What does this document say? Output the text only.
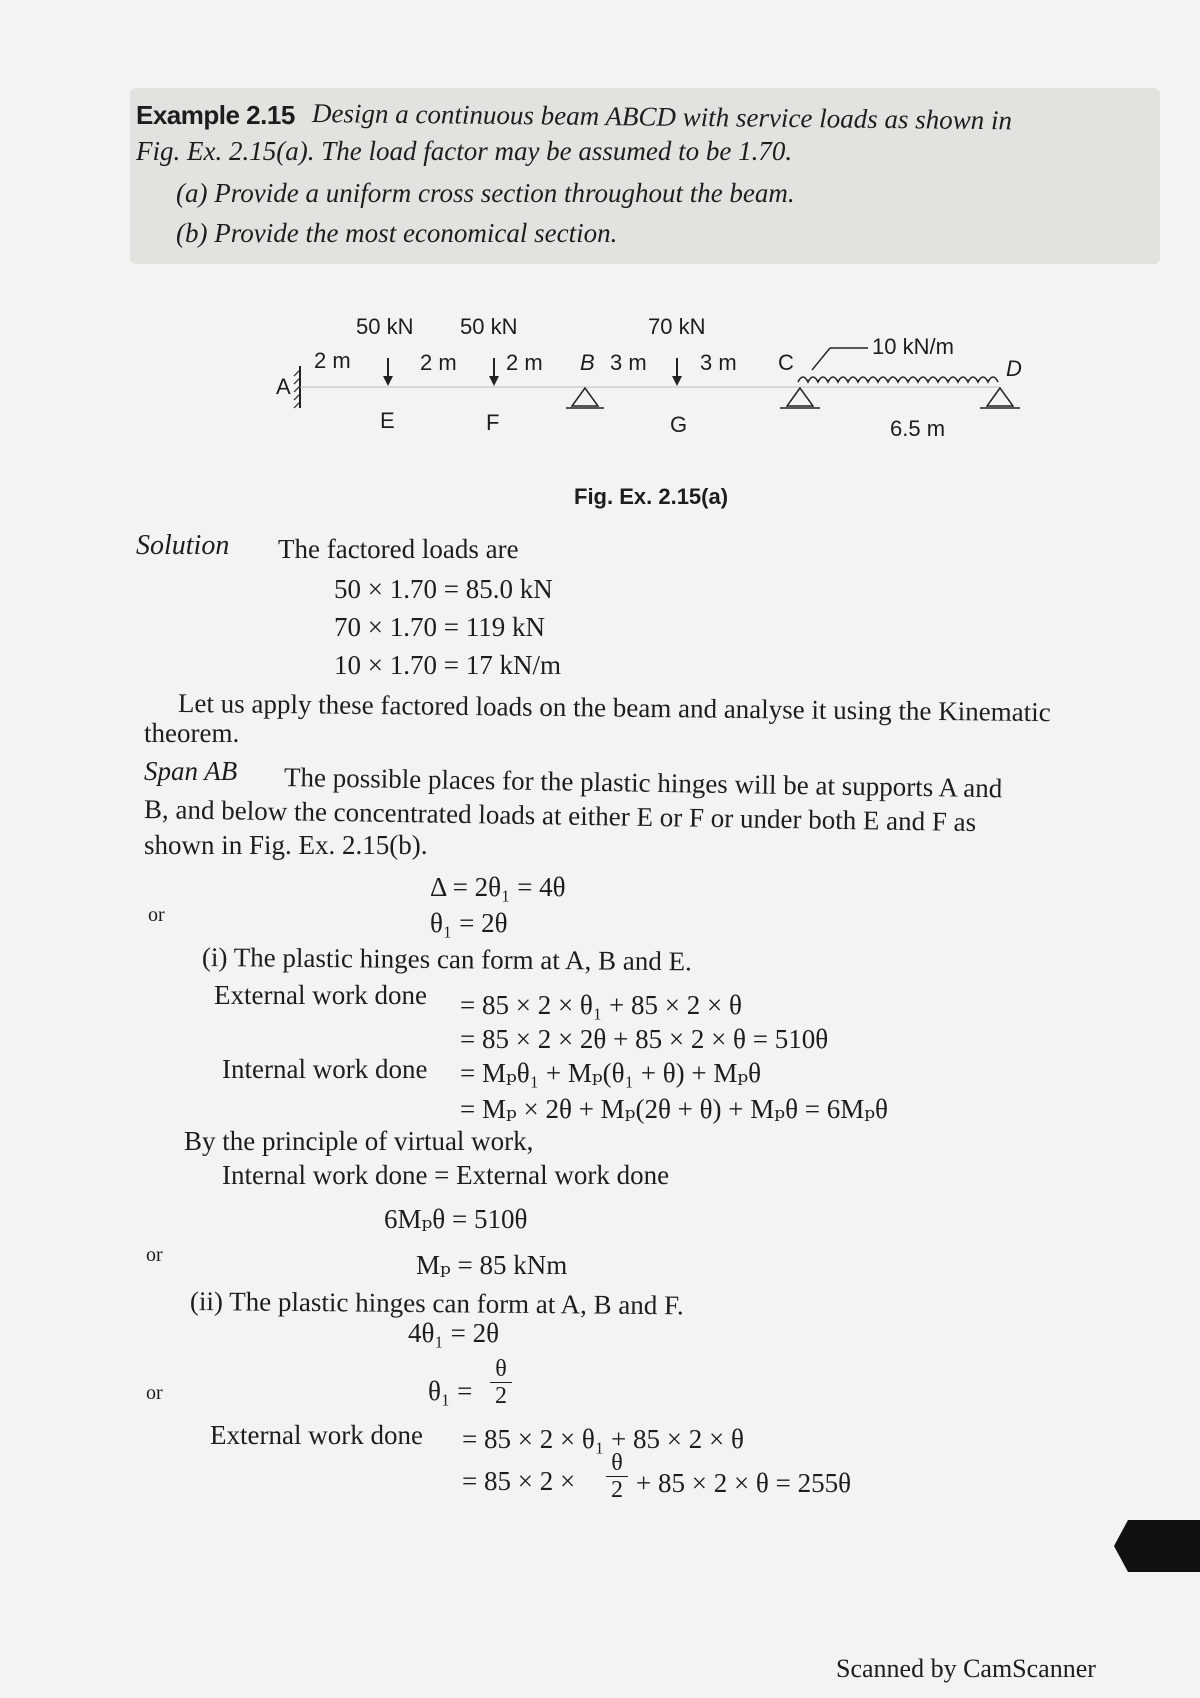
Example 2.15 Design a continuous beam ABCD with service loads as shown in
Fig. Ex. 2.15(a). The load factor may be assumed to be 1.70.
(a) Provide a uniform cross section throughout the beam.
(b) Provide the most economical section.
50 kN 50 kN	70 kN
2 m	2 m 2 m	3 m 3 m
6.5 m
A
B	C	D
E	F	G
10 kN/m
Fig. Ex. 2.15(a)
Solution The factored loads are
50 × 1.70 = 85.0 kN
70 × 1.70 = 119 kN
10 × 1.70 = 17 kN/m
Let us apply these factored loads on the beam and analyse it using the Kinematic
theorem.
Span AB The possible places for the plastic hinges will be at supports A and
B, and below the concentrated loads at either E or F or under both E and F as
shown in Fig. Ex. 2.15(b).
Δ = 2θ₁ = 4θ
or	θ₁ = 2θ
(i) The plastic hinges can form at A, B and E.
External work done = 85 × 2 × θ₁ + 85 × 2 × θ
= 85 × 2 × 2θ + 85 × 2 × θ = 510θ
Internal work done = Mₚθ₁ + Mₚ(θ₁ + θ) + Mₚθ
= Mₚ × 2θ + Mₚ(2θ + θ) + Mₚθ = 6Mₚθ
By the principle of virtual work,
Internal work done = External work done
6Mₚθ = 510θ
or	Mₚ = 85 kNm
(ii) The plastic hinges can form at A, B and F.
4θ₁ = 2θ
or	$\theta_1 = \frac{\theta}{2}$
External work done = 85 × 2 × θ₁ + 85 × 2 × θ
= $85 \times 2 \times \frac{\theta}{2} + 85 \times 2 \times \theta = 255\theta$
Scanned by CamScanner
